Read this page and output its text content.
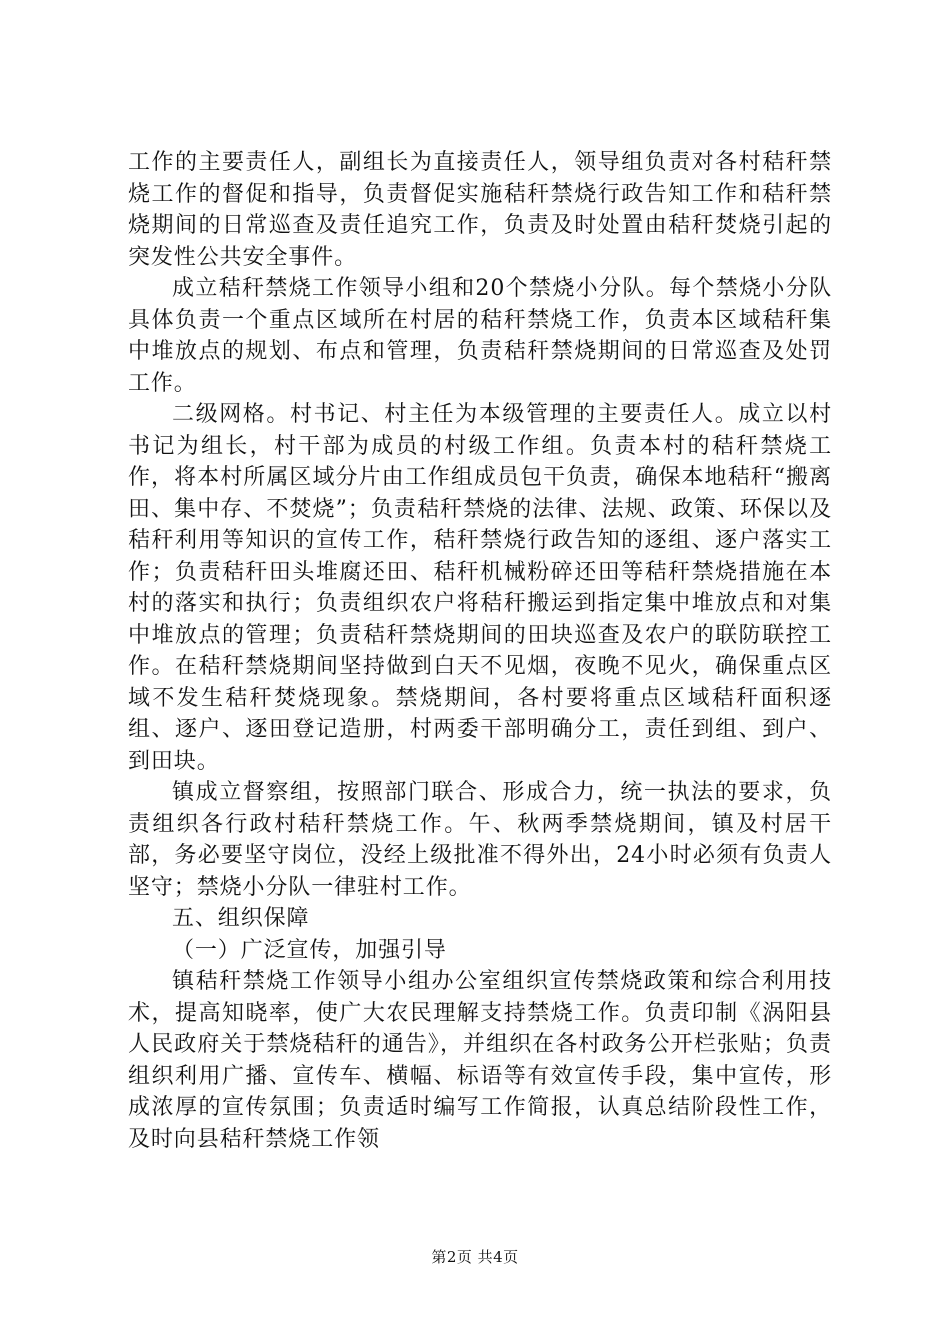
工作的主要责任人，副组长为直接责任人，领导组负责对各村秸秆禁烧工作的督促和指导，负责督促实施秸秆禁烧行政告知工作和秸秆禁烧期间的日常巡查及责任追究工作，负责及时处置由秸秆焚烧引起的突发性公共安全事件。

成立秸秆禁烧工作领导小组和20个禁烧小分队。每个禁烧小分队具体负责一个重点区域所在村居的秸秆禁烧工作，负责本区域秸秆集中堆放点的规划、布点和管理，负责秸秆禁烧期间的日常巡查及处罚工作。

二级网格。村书记、村主任为本级管理的主要责任人。成立以村书记为组长，村干部为成员的村级工作组。负责本村的秸秆禁烧工作，将本村所属区域分片由工作组成员包干负责，确保本地秸秆“搬离田、集中存、不焚烧”；负责秸秆禁烧的法律、法规、政策、环保以及秸秆利用等知识的宣传工作，秸秆禁烧行政告知的逐组、逐户落实工作；负责秸秆田头堆腐还田、秸秆机械粉碎还田等秸秆禁烧措施在本村的落实和执行；负责组织农户将秸秆搬运到指定集中堆放点和对集中堆放点的管理；负责秸秆禁烧期间的田块巡查及农户的联防联控工作。在秸秆禁烧期间坚持做到白天不见烟，夜晚不见火，确保重点区域不发生秸秆焚烧现象。禁烧期间，各村要将重点区域秸秆面积逐组、逐户、逐田登记造册，村两委干部明确分工，责任到组、到户、到田块。

镇成立督察组，按照部门联合、形成合力，统一执法的要求，负责组织各行政村秸秆禁烧工作。午、秋两季禁烧期间，镇及村居干部，务必要坚守岗位，没经上级批准不得外出，24小时必须有负责人坚守；禁烧小分队一律驻村工作。

五、组织保障

（一）广泛宣传，加强引导

镇秸秆禁烧工作领导小组办公室组织宣传禁烧政策和综合利用技术，提高知晓率，使广大农民理解支持禁烧工作。负责印制《涡阳县人民政府关于禁烧秸秆的通告》，并组织在各村政务公开栏张贴；负责组织利用广播、宣传车、横幅、标语等有效宣传手段，集中宣传，形成浓厚的宣传氛围；负责适时编写工作简报，认真总结阶段性工作，及时向县秸秆禁烧工作领

第2页 共4页
